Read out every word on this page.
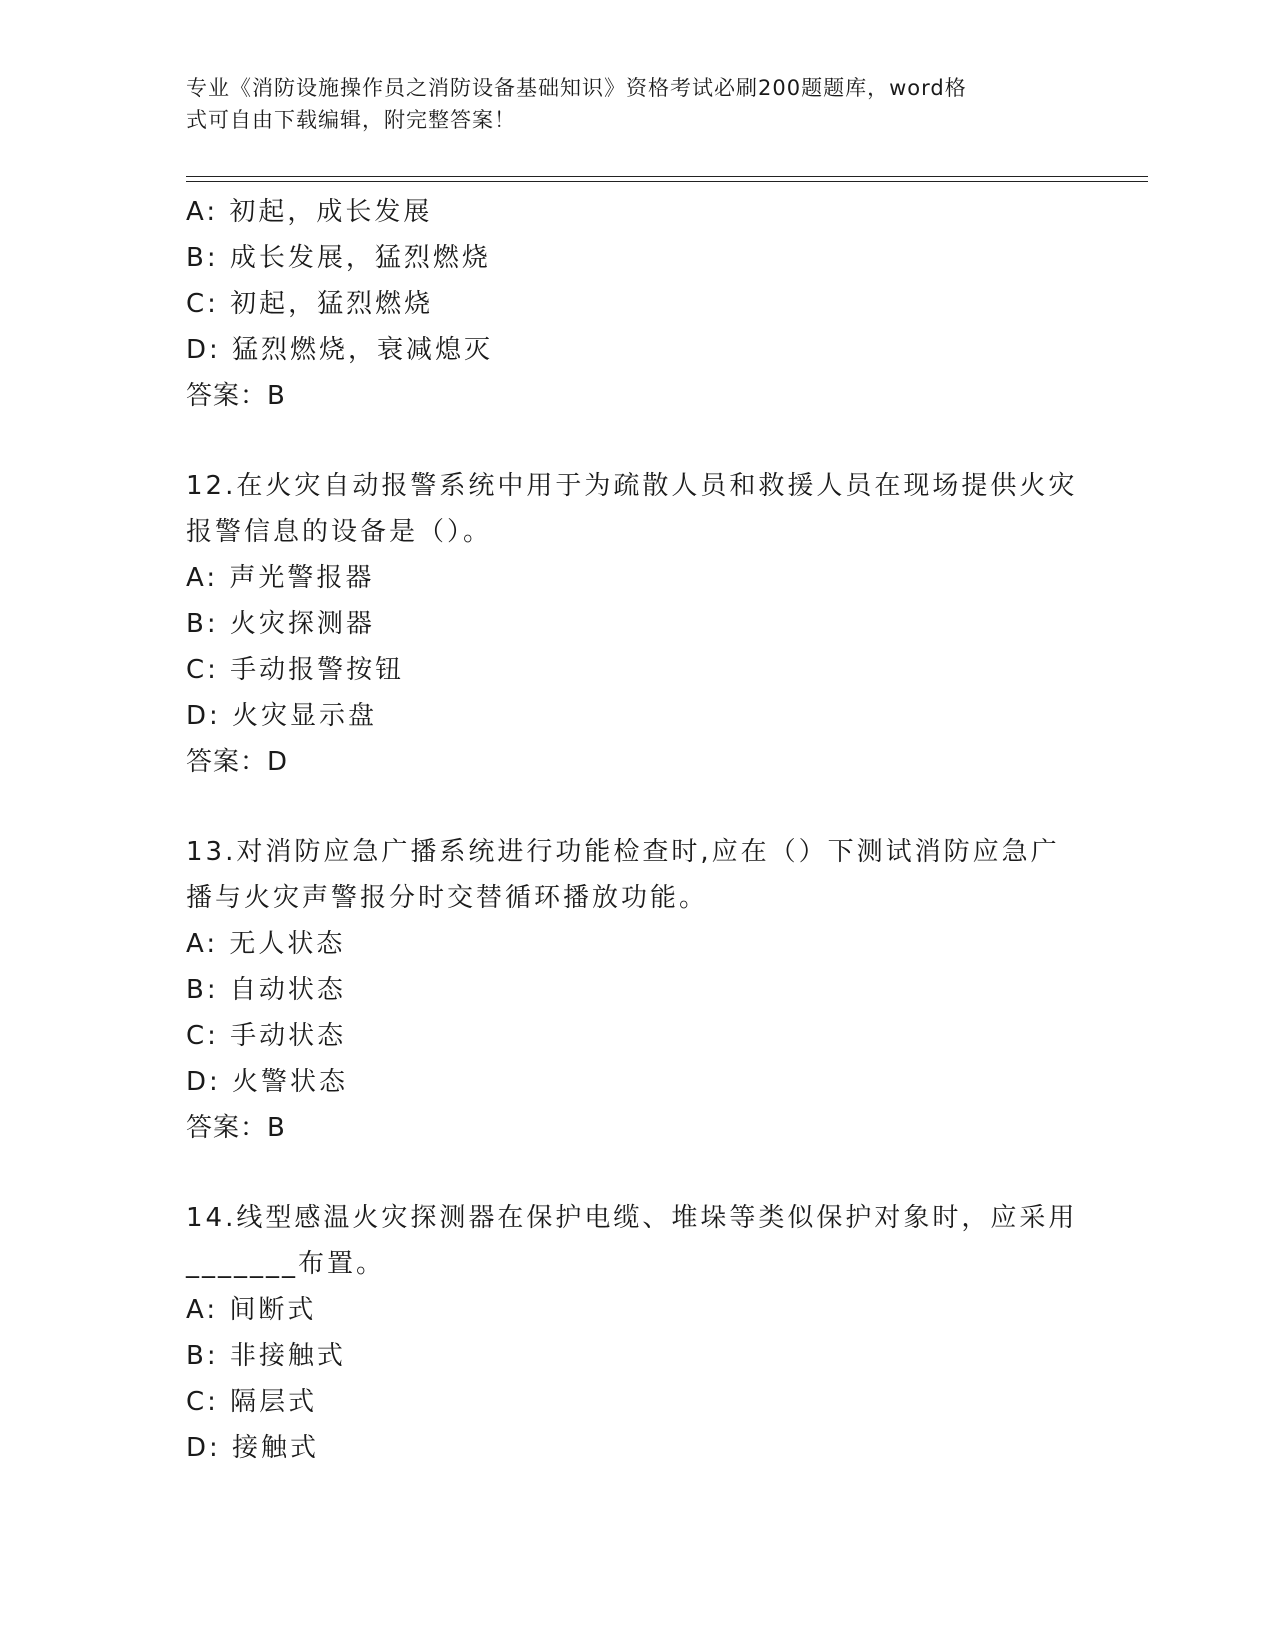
专业《消防设施操作员之消防设备基础知识》资格考试必刷200题题库，word格
式可自由下载编辑，附完整答案！
A: 初起，成长发展
B: 成长发展，猛烈燃烧
C: 初起，猛烈燃烧
D: 猛烈燃烧，衰减熄灭
答案：B
12.在火灾自动报警系统中用于为疏散人员和救援人员在现场提供火灾
报警信息的设备是（）。
A: 声光警报器
B: 火灾探测器
C: 手动报警按钮
D: 火灾显示盘
答案：D
13.对消防应急广播系统进行功能检查时,应在（）下测试消防应急广
播与火灾声警报分时交替循环播放功能。
A: 无人状态
B: 自动状态
C: 手动状态
D: 火警状态
答案：B
14.线型感温火灾探测器在保护电缆、堆垛等类似保护对象时，应采用
_______布置。
A: 间断式
B: 非接触式
C: 隔层式
D: 接触式
